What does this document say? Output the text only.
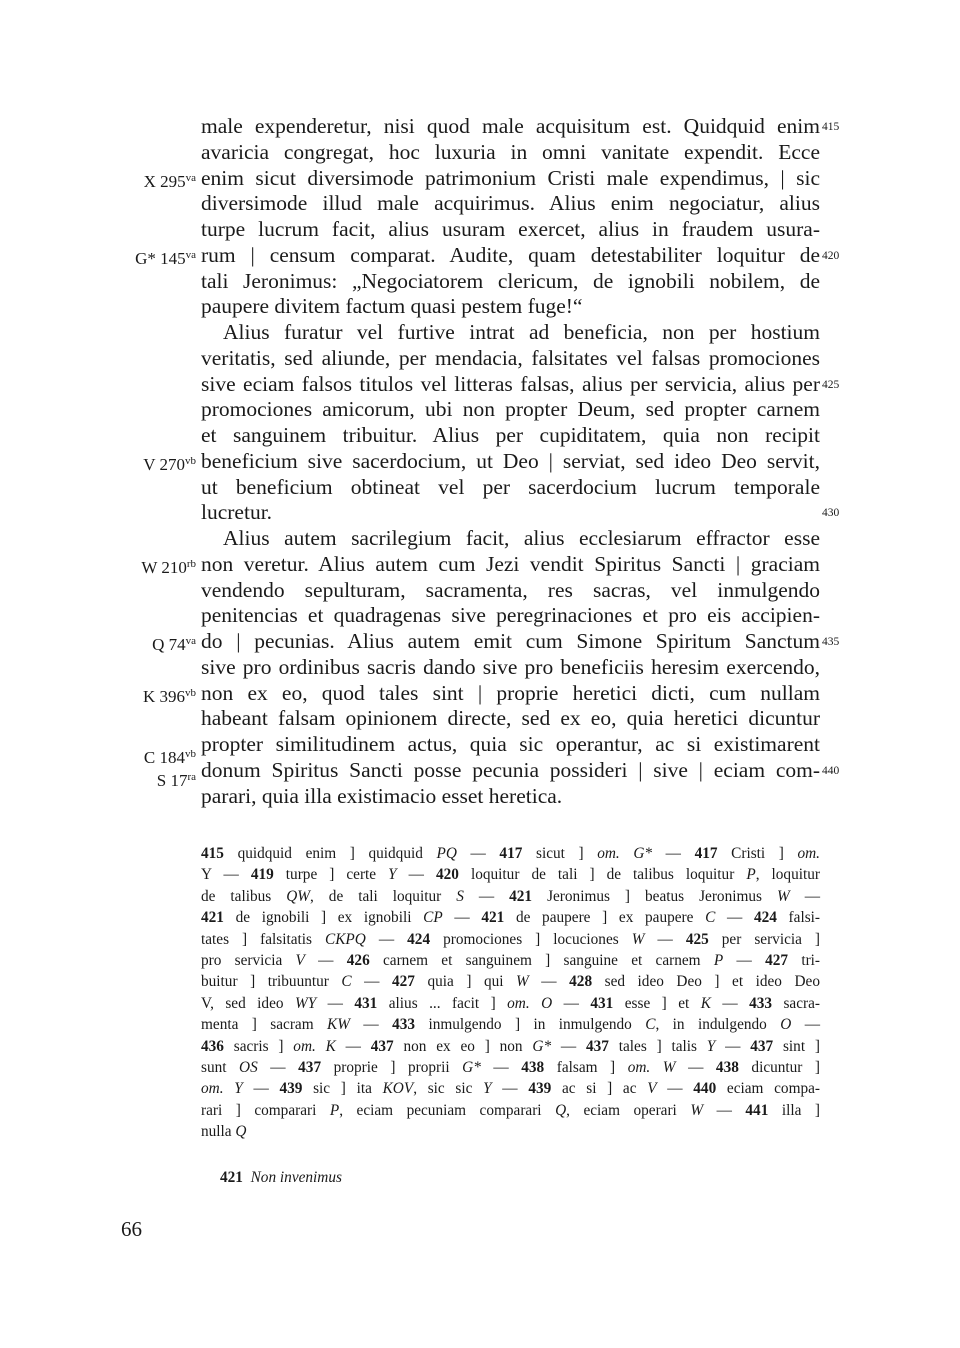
male expenderetur, nisi quod male acquisitum est. Quidquid enim
avaricia congregat, hoc luxuria in omni vanitate expendit. Ecce
enim sicut diversimode patrimonium Cristi male expendimus, | sic
diversimode illud male acquirimus. Alius enim negociatur, alius
turpe lucrum facit, alius usuram exercet, alius in fraudem usura-
rum | censum comparat. Audite, quam detestabiliter loquitur de
tali Jeronimus: „Negociatorem clericum, de ignobili nobilem, de
paupere divitem factum quasi pestem fuge!“
Alius furatur vel furtive intrat ad beneficia, non per hostium
veritatis, sed aliunde, per mendacia, falsitates vel falsas promociones
sive eciam falsos titulos vel litteras falsas, alius per servicia, alius per
promociones amicorum, ubi non propter Deum, sed propter carnem
et sanguinem tribuitur. Alius per cupiditatem, quia non recipit
beneficium sive sacerdocium, ut Deo | serviat, sed ideo Deo servit,
ut beneficium obtineat vel per sacerdocium lucrum temporale
lucretur.
Alius autem sacrilegium facit, alius ecclesiarum effractor esse
non veretur. Alius autem cum Jezi vendit Spiritus Sancti | graciam
vendendo sepulturam, sacramenta, res sacras, vel inmulgendo
penitencias et quadragenas sive peregrinaciones et pro eis accipien-
do | pecunias. Alius autem emit cum Simone Spiritum Sanctum
sive pro ordinibus sacris dando sive pro beneficiis heresim exercendo,
non ex eo, quod tales sint | proprie heretici dicti, cum nullam
habeant falsam opinionem directe, sed ex eo, quia heretici dicuntur
propter similitudinem actus, quia sic operantur, ac si existimarent
donum Spiritus Sancti posse pecunia possideri | sive | eciam com-
parari, quia illa existimacio esset heretica.
X $295^{va}$
G* $145^{va}$
V $270^{vb}$
W $210^{rb}$
Q $74^{va}$
K $396^{vb}$
C $184^{vb}$
S $17^{ra}$
415
420
425
430
435
440
415 quidquid enim ] quidquid PQ — 417 sicut ] om. G* — 417 Cristi ] om.
Y — 419 turpe ] certe Y — 420 loquitur de tali ] de talibus loquitur P, loquitur
de talibus QW, de tali loquitur S — 421 Jeronimus ] beatus Jeronimus W —
421 de ignobili ] ex ignobili CP — 421 de paupere ] ex paupere C — 424 falsi-
tates ] falsitatis CKPQ — 424 promociones ] locuciones W — 425 per servicia ]
pro servicia V — 426 carnem et sanguinem ] sanguine et carnem P — 427 tri-
buitur ] tribuuntur C — 427 quia ] qui W — 428 sed ideo Deo ] et ideo Deo
V, sed ideo WY — 431 alius ... facit ] om. O — 431 esse ] et K — 433 sacra-
menta ] sacram KW — 433 inmulgendo ] in inmulgendo C, in indulgendo O —
436 sacris ] om. K — 437 non ex eo ] non G* — 437 tales ] talis Y — 437 sint ]
sunt OS — 437 proprie ] proprii G* — 438 falsam ] om. W — 438 dicuntur ]
om. Y — 439 sic ] ita KOV, sic sic Y — 439 ac si ] ac V — 440 eciam compa-
rari ] comparari P, eciam pecuniam comparari Q, eciam operari W — 441 illa ]
nulla Q
421 Non invenimus
66
